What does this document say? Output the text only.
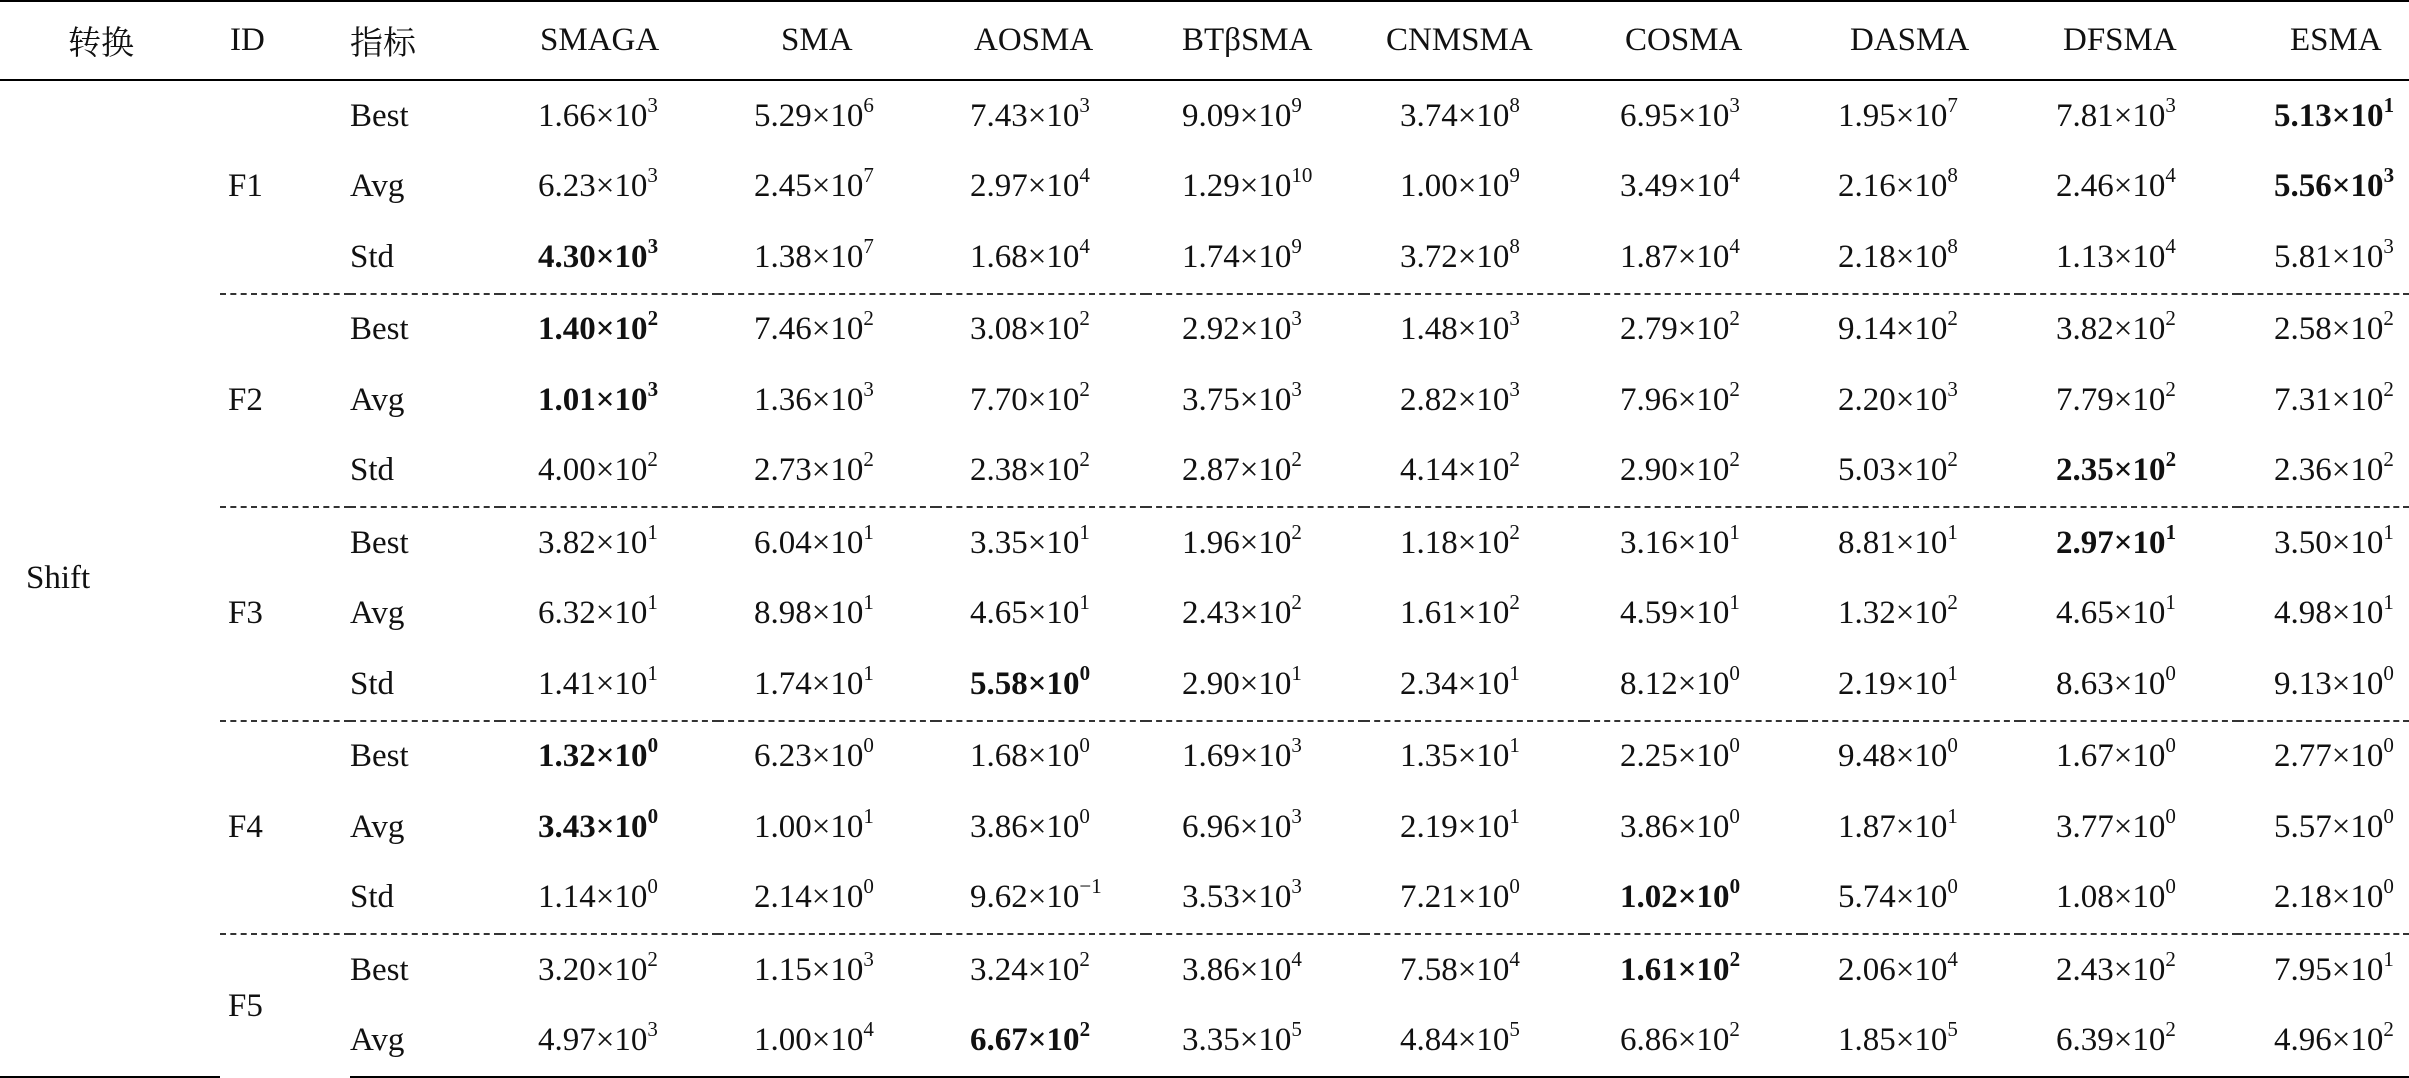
转换	ID	指标	SMAGA	SMA	AOSMA	BTβSMA	CNMSMA	COSMA	DASMA	DFSMA	ESMA
Shift	F1	Best	$1.66\times 10^3$	$5.29\times 10^6$	$7.43\times 10^3$	$9.09\times 10^9$	$3.74\times 10^8$	$6.95\times 10^3$	$1.95\times 10^7$	$7.81\times 10^3$	$5.13\times 10^1$
		Avg	$6.23\times 10^3$	$2.45\times 10^7$	$2.97\times 10^4$	$1.29\times 10^{10}$	$1.00\times 10^9$	$3.49\times 10^4$	$2.16\times 10^8$	$2.46\times 10^4$	$5.56\times 10^3$
		Std	$4.30\times 10^3$	$1.38\times 10^7$	$1.68\times 10^4$	$1.74\times 10^9$	$3.72\times 10^8$	$1.87\times 10^4$	$2.18\times 10^8$	$1.13\times 10^4$	$5.81\times 10^3$
	F2	Best	$1.40\times 10^2$	$7.46\times 10^2$	$3.08\times 10^2$	$2.92\times 10^3$	$1.48\times 10^3$	$2.79\times 10^2$	$9.14\times 10^2$	$3.82\times 10^2$	$2.58\times 10^2$
		Avg	$1.01\times 10^3$	$1.36\times 10^3$	$7.70\times 10^2$	$3.75\times 10^3$	$2.82\times 10^3$	$7.96\times 10^2$	$2.20\times 10^3$	$7.79\times 10^2$	$7.31\times 10^2$
		Std	$4.00\times 10^2$	$2.73\times 10^2$	$2.38\times 10^2$	$2.87\times 10^2$	$4.14\times 10^2$	$2.90\times 10^2$	$5.03\times 10^2$	$2.35\times 10^2$	$2.36\times 10^2$
	F3	Best	$3.82\times 10^1$	$6.04\times 10^1$	$3.35\times 10^1$	$1.96\times 10^2$	$1.18\times 10^2$	$3.16\times 10^1$	$8.81\times 10^1$	$2.97\times 10^1$	$3.50\times 10^1$
		Avg	$6.32\times 10^1$	$8.98\times 10^1$	$4.65\times 10^1$	$2.43\times 10^2$	$1.61\times 10^2$	$4.59\times 10^1$	$1.32\times 10^2$	$4.65\times 10^1$	$4.98\times 10^1$
		Std	$1.41\times 10^1$	$1.74\times 10^1$	$5.58\times 10^0$	$2.90\times 10^1$	$2.34\times 10^1$	$8.12\times 10^0$	$2.19\times 10^1$	$8.63\times 10^0$	$9.13\times 10^0$
	F4	Best	$1.32\times 10^0$	$6.23\times 10^0$	$1.68\times 10^0$	$1.69\times 10^3$	$1.35\times 10^1$	$2.25\times 10^0$	$9.48\times 10^0$	$1.67\times 10^0$	$2.77\times 10^0$
		Avg	$3.43\times 10^0$	$1.00\times 10^1$	$3.86\times 10^0$	$6.96\times 10^3$	$2.19\times 10^1$	$3.86\times 10^0$	$1.87\times 10^1$	$3.77\times 10^0$	$5.57\times 10^0$
		Std	$1.14\times 10^0$	$2.14\times 10^0$	$9.62\times 10^{-1}$	$3.53\times 10^3$	$7.21\times 10^0$	$1.02\times 10^0$	$5.74\times 10^0$	$1.08\times 10^0$	$2.18\times 10^0$
	F5	Best	$3.20\times 10^2$	$1.15\times 10^3$	$3.24\times 10^2$	$3.86\times 10^4$	$7.58\times 10^4$	$1.61\times 10^2$	$2.06\times 10^4$	$2.43\times 10^2$	$7.95\times 10^1$
		Avg	$4.97\times 10^3$	$1.00\times 10^4$	$6.67\times 10^2$	$3.35\times 10^5$	$4.84\times 10^5$	$6.86\times 10^2$	$1.85\times 10^5$	$6.39\times 10^2$	$4.96\times 10^2$
